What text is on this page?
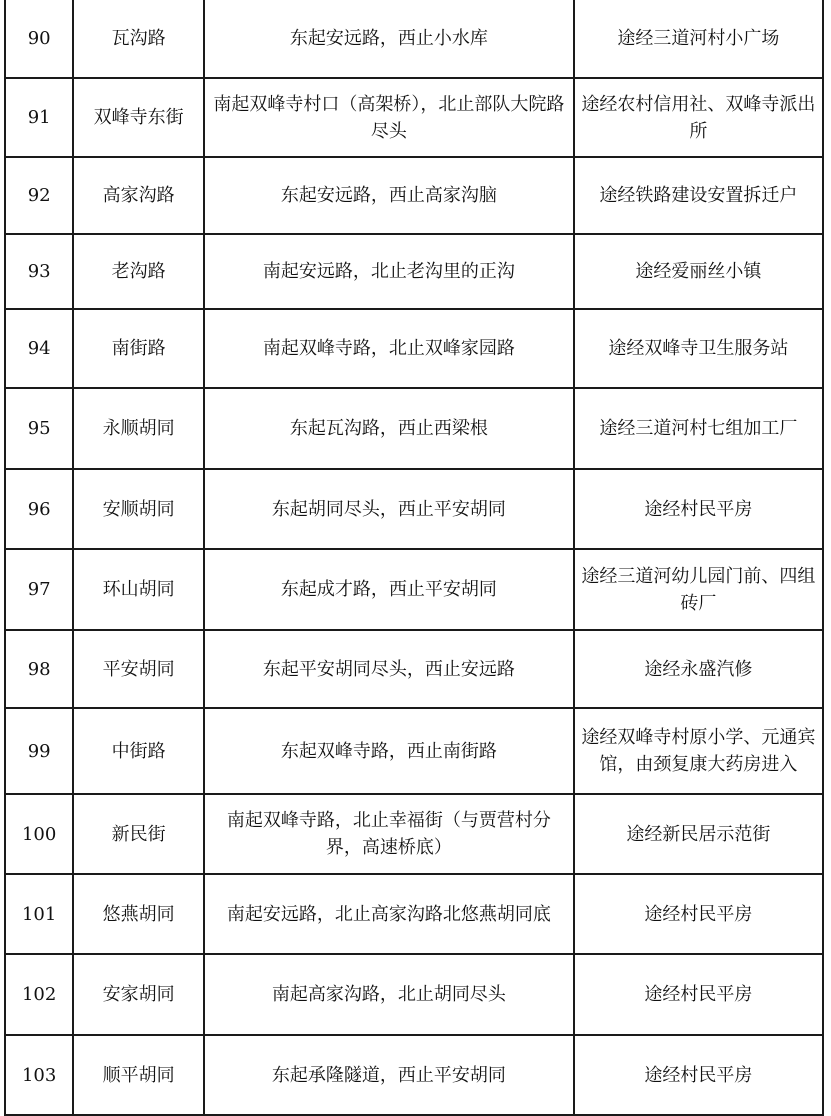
90	瓦沟路	东起安远路，西止小水库	途经三道河村小广场
91	双峰寺东街	南起双峰寺村口（高架桥），北止部队大院路尽头	途经农村信用社、双峰寺派出所
92	高家沟路	东起安远路，西止高家沟脑	途经铁路建设安置拆迁户
93	老沟路	南起安远路，北止老沟里的正沟	途经爱丽丝小镇
94	南街路	南起双峰寺路，北止双峰家园路	途经双峰寺卫生服务站
95	永顺胡同	东起瓦沟路，西止西梁根	途经三道河村七组加工厂
96	安顺胡同	东起胡同尽头，西止平安胡同	途经村民平房
97	环山胡同	东起成才路，西止平安胡同	途经三道河幼儿园门前、四组砖厂
98	平安胡同	东起平安胡同尽头，西止安远路	途经永盛汽修
99	中街路	东起双峰寺路，西止南街路	途经双峰寺村原小学、元通宾馆，由颈复康大药房进入
100	新民街	南起双峰寺路，北止幸福街（与贾营村分界，高速桥底）	途经新民居示范街
101	悠燕胡同	南起安远路，北止高家沟路北悠燕胡同底	途经村民平房
102	安家胡同	南起高家沟路，北止胡同尽头	途经村民平房
103	顺平胡同	东起承隆隧道，西止平安胡同	途经村民平房
